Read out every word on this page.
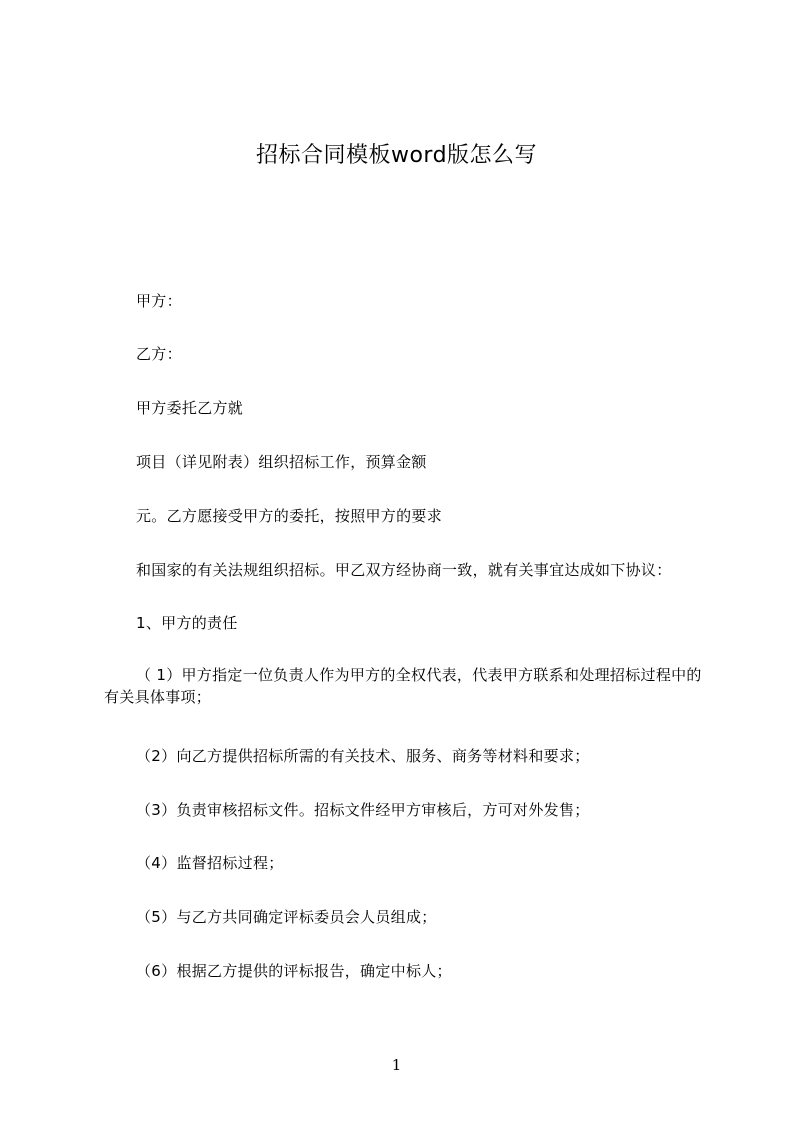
招标合同模板word版怎么写
甲方：
乙方：
甲方委托乙方就
项目（详见附表）组织招标工作，预算金额
元。乙方愿接受甲方的委托，按照甲方的要求
和国家的有关法规组织招标。甲乙双方经协商一致，就有关事宜达成如下协议：
1、甲方的责任
（ 1）甲方指定一位负责人作为甲方的全权代表，代表甲方联系和处理招标过程中的有关具体事项；
（2）向乙方提供招标所需的有关技术、服务、商务等材料和要求；
（3）负责审核招标文件。招标文件经甲方审核后，方可对外发售；
（4）监督招标过程；
（5）与乙方共同确定评标委员会人员组成；
（6）根据乙方提供的评标报告，确定中标人；
1
